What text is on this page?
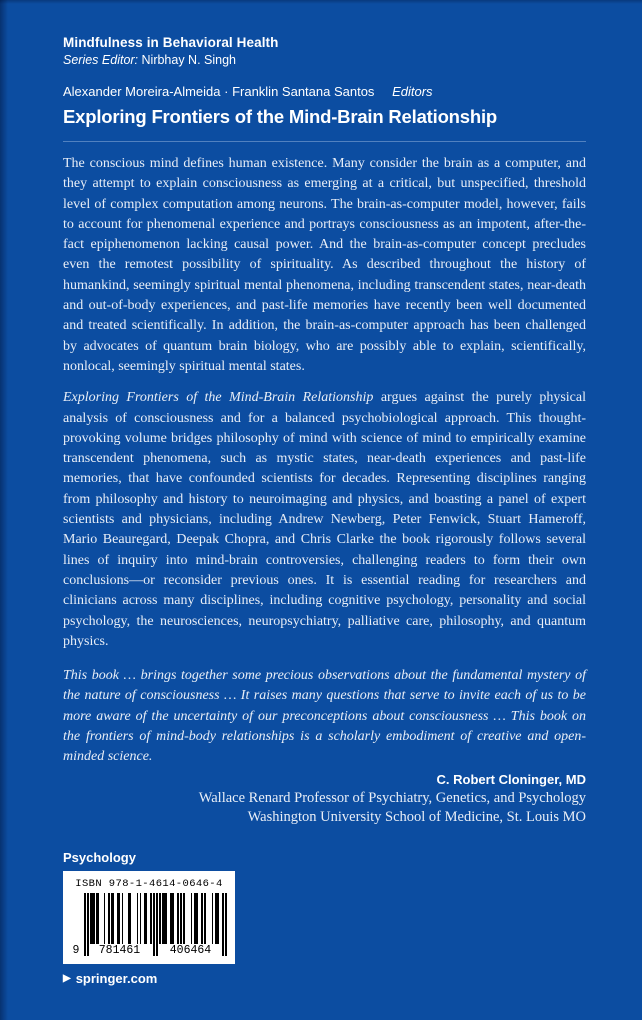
Mindfulness in Behavioral Health
Series Editor: Nirbhay N. Singh
Alexander Moreira-Almeida · Franklin Santana Santos Editors
Exploring Frontiers of the Mind-Brain Relationship

The conscious mind defines human existence. Many consider the brain as a computer, and they attempt to explain consciousness as emerging at a critical, but unspecified, threshold level of complex computation among neurons. The brain-as-computer model, however, fails to account for phenomenal experience and portrays consciousness as an impotent, after-the-fact epiphenomenon lacking causal power. And the brain-as-computer concept precludes even the remotest possibility of spirituality. As described throughout the history of humankind, seemingly spiritual mental phenomena, including transcendent states, near-death and out-of-body experiences, and past-life memories have recently been well documented and treated scientifically. In addition, the brain-as-computer approach has been challenged by advocates of quantum brain biology, who are possibly able to explain, scientifically, nonlocal, seemingly spiritual mental states.

Exploring Frontiers of the Mind-Brain Relationship argues against the purely physical analysis of consciousness and for a balanced psychobiological approach. This thought-provoking volume bridges philosophy of mind with science of mind to empirically examine transcendent phenomena, such as mystic states, near-death experiences and past-life memories, that have confounded scientists for decades. Representing disciplines ranging from philosophy and history to neuroimaging and physics, and boasting a panel of expert scientists and physicians, including Andrew Newberg, Peter Fenwick, Stuart Hameroff, Mario Beauregard, Deepak Chopra, and Chris Clarke the book rigorously follows several lines of inquiry into mind-brain controversies, challenging readers to form their own conclusions—or reconsider previous ones. It is essential reading for researchers and clinicians across many disciplines, including cognitive psychology, personality and social psychology, the neurosciences, neuropsychiatry, palliative care, philosophy, and quantum physics.

This book … brings together some precious observations about the fundamental mystery of the nature of consciousness … It raises many questions that serve to invite each of us to be more aware of the uncertainty of our preconceptions about consciousness … This book on the frontiers of mind-body relationships is a scholarly embodiment of creative and open-minded science.

C. Robert Cloninger, MD
Wallace Renard Professor of Psychiatry, Genetics, and Psychology
Washington University School of Medicine, St. Louis MO
Psychology
ISBN 978-1-4614-0646-4
9	781461	406464
▶ springer.com
